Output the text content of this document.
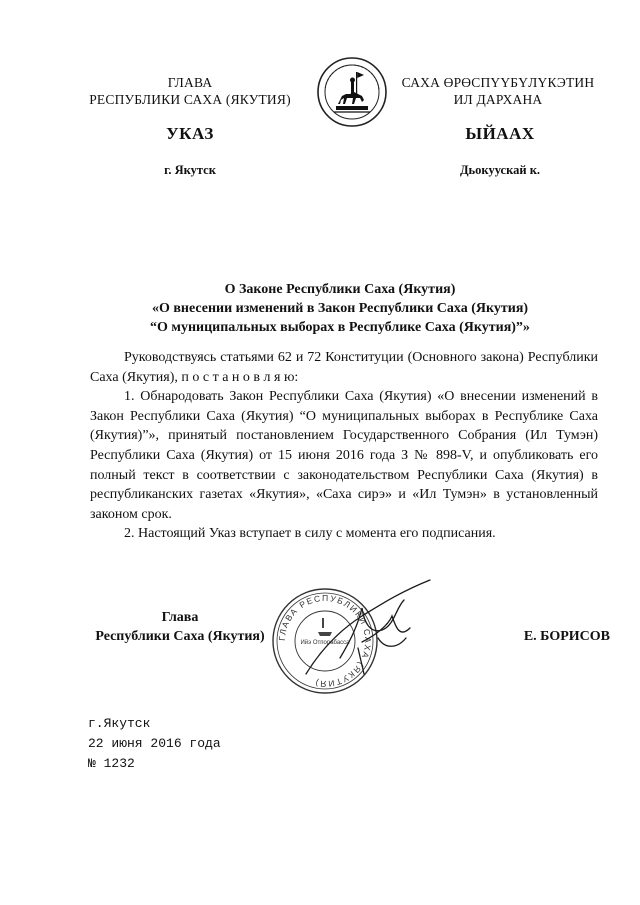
ГЛАВА
РЕСПУБЛИКИ САХА (ЯКУТИЯ)
САХА ӨРӨСПҮҮБҮЛҮКЭТИН
ИЛ ДАРХАНА
УКАЗ	ЫЙААХ
г. Якутск	Дьокуускай к.
О Законе Республики Саха (Якутия)
«О внесении изменений в Закон Республики Саха (Якутия)
“О муниципальных выборах в Республике Саха (Якутия)”»

Руководствуясь статьями 62 и 72 Конституции (Основного закона) Республики Саха (Якутия), п о с т а н о в л я ю:

1. Обнародовать Закон Республики Саха (Якутия) «О внесении изменений в Закон Республики Саха (Якутия) “О муниципальных выборах в Республике Саха (Якутия)”», принятый постановлением Государственного Собрания (Ил Тумэн) Республики Саха (Якутия) от 15 июня 2016 года З № 898-V, и опубликовать его полный текст в соответствии с законодательством Республики Саха (Якутия) в республиканских газетах «Якутия», «Саха сирэ» и «Ил Тумэн» в установленный законом срок.

2. Настоящий Указ вступает в силу с момента его подписания.

Глава
Республики Саха (Якутия)	Е. БОРИСОВ
ГЛАВА РЕСПУБЛИКИ САХА (ЯКУТИЯ)
Ийэ Отпорабасса
г.Якутск
22 июня 2016 года
№ 1232
